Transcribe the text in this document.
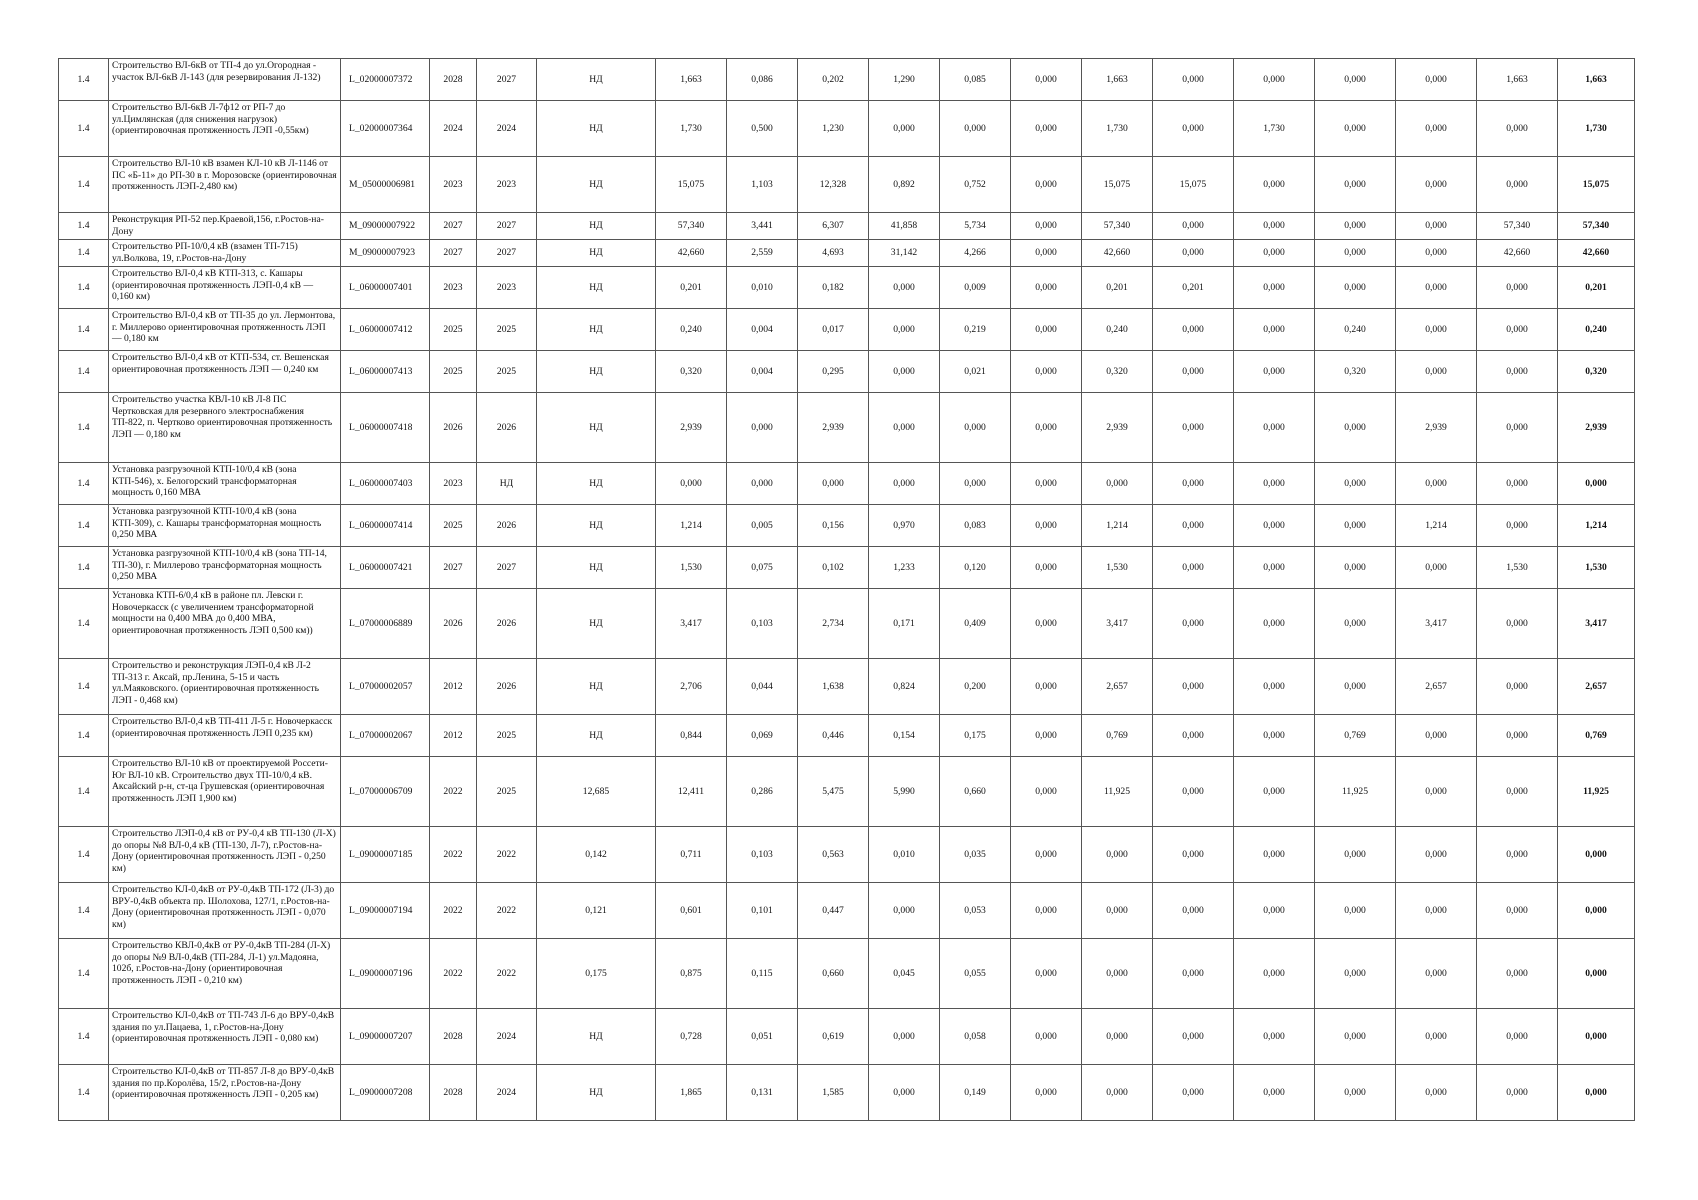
1.4	Строительство ВЛ-6кВ от ТП-4 до ул.Огородная - участок ВЛ-6кВ Л-143 (для резервирования Л-132)	L_02000007372	2028	2027	НД	1,663	0,086	0,202	1,290	0,085	0,000	1,663	0,000	0,000	0,000	0,000	1,663	1,663
1.4	Строительство ВЛ-6кВ Л-7ф12 от РП-7 до ул.Цимлянская (для снижения нагрузок) (ориентировочная протяженность ЛЭП -0,55км)	L_02000007364	2024	2024	НД	1,730	0,500	1,230	0,000	0,000	0,000	1,730	0,000	1,730	0,000	0,000	0,000	1,730
1.4	Строительство ВЛ-10 кВ взамен КЛ-10 кВ Л-1146 от ПС «Б-11» до РП-30 в г. Морозовске (ориентировочная протяженность ЛЭП-2,480 км)	M_05000006981	2023	2023	НД	15,075	1,103	12,328	0,892	0,752	0,000	15,075	15,075	0,000	0,000	0,000	0,000	15,075
1.4	Реконструкция РП-52 пер.Краевой,156, г.Ростов-на-Дону	M_09000007922	2027	2027	НД	57,340	3,441	6,307	41,858	5,734	0,000	57,340	0,000	0,000	0,000	0,000	57,340	57,340
1.4	Строительство РП-10/0,4 кВ (взамен ТП-715) ул.Волкова, 19, г.Ростов-на-Дону	M_09000007923	2027	2027	НД	42,660	2,559	4,693	31,142	4,266	0,000	42,660	0,000	0,000	0,000	0,000	42,660	42,660
1.4	Строительство ВЛ-0,4 кВ КТП-313, с. Кашары (ориентировочная протяженность ЛЭП-0,4 кВ — 0,160 км)	L_06000007401	2023	2023	НД	0,201	0,010	0,182	0,000	0,009	0,000	0,201	0,201	0,000	0,000	0,000	0,000	0,201
1.4	Строительство ВЛ-0,4 кВ от ТП-35 до ул. Лермонтова, г. Миллерово ориентировочная протяженность ЛЭП — 0,180 км	L_06000007412	2025	2025	НД	0,240	0,004	0,017	0,000	0,219	0,000	0,240	0,000	0,000	0,240	0,000	0,000	0,240
1.4	Строительство ВЛ-0,4 кВ от КТП-534, ст. Вешенская ориентировочная протяженность ЛЭП — 0,240 км	L_06000007413	2025	2025	НД	0,320	0,004	0,295	0,000	0,021	0,000	0,320	0,000	0,000	0,320	0,000	0,000	0,320
1.4	Строительство участка КВЛ-10 кВ Л-8 ПС Чертковская для резервного электроснабжения ТП-822, п. Чертково ориентировочная протяженность ЛЭП — 0,180 км	L_06000007418	2026	2026	НД	2,939	0,000	2,939	0,000	0,000	0,000	2,939	0,000	0,000	0,000	2,939	0,000	2,939
1.4	Установка разгрузочной КТП-10/0,4 кВ (зона КТП-546), х. Белогорский трансформаторная мощность 0,160 МВА	L_06000007403	2023	НД	НД	0,000	0,000	0,000	0,000	0,000	0,000	0,000	0,000	0,000	0,000	0,000	0,000	0,000
1.4	Установка разгрузочной КТП-10/0,4 кВ (зона КТП-309), с. Кашары трансформаторная мощность 0,250 МВА	L_06000007414	2025	2026	НД	1,214	0,005	0,156	0,970	0,083	0,000	1,214	0,000	0,000	0,000	1,214	0,000	1,214
1.4	Установка разгрузочной КТП-10/0,4 кВ (зона ТП-14, ТП-30), г. Миллерово трансформаторная мощность 0,250 МВА	L_06000007421	2027	2027	НД	1,530	0,075	0,102	1,233	0,120	0,000	1,530	0,000	0,000	0,000	0,000	1,530	1,530
1.4	Установка КТП-6/0,4 кВ в районе пл. Левски г. Новочеркасск (с увеличением трансформаторной мощности на 0,400 МВА до 0,400 МВА, ориентировочная протяженность ЛЭП 0,500 км))	L_07000006889	2026	2026	НД	3,417	0,103	2,734	0,171	0,409	0,000	3,417	0,000	0,000	0,000	3,417	0,000	3,417
1.4	Строительство и реконструкция ЛЭП-0,4 кВ Л-2 ТП-313 г. Аксай, пр.Ленина, 5-15 и часть ул.Маяковского. (ориентировочная протяженность ЛЭП - 0,468 км)	L_07000002057	2012	2026	НД	2,706	0,044	1,638	0,824	0,200	0,000	2,657	0,000	0,000	0,000	2,657	0,000	2,657
1.4	Строительство ВЛ-0,4 кВ ТП-411 Л-5 г. Новочеркасск (ориентировочная протяженность ЛЭП 0,235 км)	L_07000002067	2012	2025	НД	0,844	0,069	0,446	0,154	0,175	0,000	0,769	0,000	0,000	0,769	0,000	0,000	0,769
1.4	Строительство ВЛ-10 кВ от проектируемой Россети-Юг ВЛ-10 кВ. Строительство двух ТП-10/0,4 кВ. Аксайский р-н, ст-ца Грушевская (ориентировочная протяженность ЛЭП 1,900 км)	L_07000006709	2022	2025	12,685	12,411	0,286	5,475	5,990	0,660	0,000	11,925	0,000	0,000	11,925	0,000	0,000	11,925
1.4	Строительство ЛЭП-0,4 кВ от РУ-0,4 кВ ТП-130 (Л-Х) до опоры №8 ВЛ-0,4 кВ (ТП-130, Л-7), г.Ростов-на-Дону (ориентировочная протяженность ЛЭП - 0,250 км)	L_09000007185	2022	2022	0,142	0,711	0,103	0,563	0,010	0,035	0,000	0,000	0,000	0,000	0,000	0,000	0,000	0,000
1.4	Строительство КЛ-0,4кВ от РУ-0,4кВ ТП-172 (Л-3) до ВРУ-0,4кВ объекта пр. Шолохова, 127/1, г.Ростов-на-Дону (ориентировочная протяженность ЛЭП - 0,070 км)	L_09000007194	2022	2022	0,121	0,601	0,101	0,447	0,000	0,053	0,000	0,000	0,000	0,000	0,000	0,000	0,000	0,000
1.4	Строительство КВЛ-0,4кВ от РУ-0,4кВ ТП-284 (Л-Х) до опоры №9 ВЛ-0,4кВ (ТП-284, Л-1) ул.Мадояна, 102б, г.Ростов-на-Дону (ориентировочная протяженность ЛЭП - 0,210 км)	L_09000007196	2022	2022	0,175	0,875	0,115	0,660	0,045	0,055	0,000	0,000	0,000	0,000	0,000	0,000	0,000	0,000
1.4	Строительство КЛ-0,4кВ от ТП-743 Л-6 до ВРУ-0,4кВ здания по ул.Пацаева, 1, г.Ростов-на-Дону (ориентировочная протяженность ЛЭП - 0,080 км)	L_09000007207	2028	2024	НД	0,728	0,051	0,619	0,000	0,058	0,000	0,000	0,000	0,000	0,000	0,000	0,000	0,000
1.4	Строительство КЛ-0,4кВ от ТП-857 Л-8 до ВРУ-0,4кВ здания по пр.Королёва, 15/2, г.Ростов-на-Дону (ориентировочная протяженность ЛЭП - 0,205 км)	L_09000007208	2028	2024	НД	1,865	0,131	1,585	0,000	0,149	0,000	0,000	0,000	0,000	0,000	0,000	0,000	0,000
